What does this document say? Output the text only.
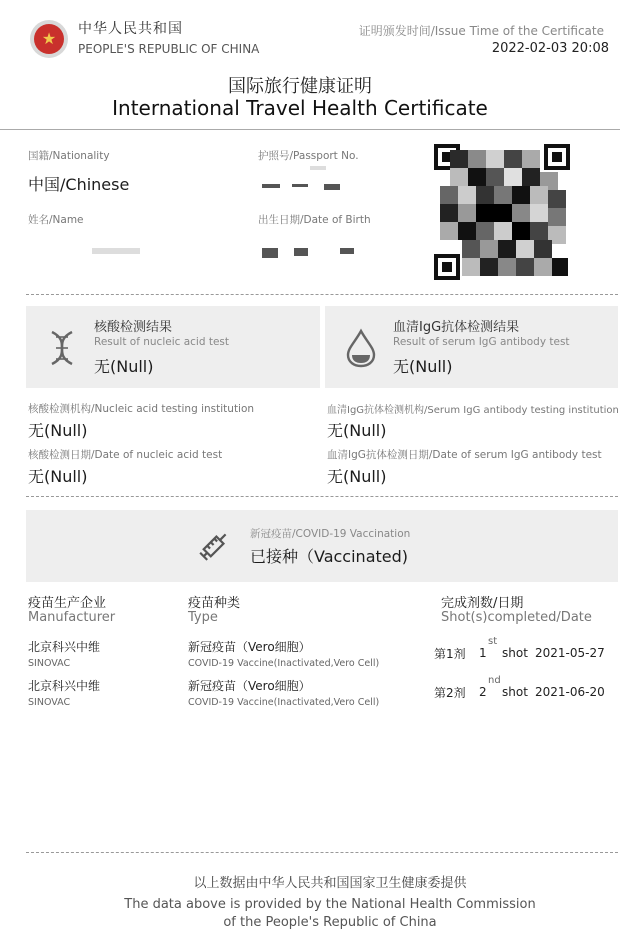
★ 中华人民共和国
PEOPLE'S REPUBLIC OF CHINA
证明颁发时间/Issue Time of the Certificate
2022-02-03 20:08
国际旅行健康证明
International Travel Health Certificate
国籍/Nationality
中国/Chinese
护照号/Passport No.
姓名/Name	出生日期/Date of Birth
核酸检测结果
Result of nucleic acid test
无(Null)
血清IgG抗体检测结果
Result of serum IgG antibody test
无(Null)
核酸检测机构/Nucleic acid testing institution
无(Null)
血清IgG抗体检测机构/Serum IgG antibody testing institution
无(Null)
核酸检测日期/Date of nucleic acid test
无(Null)
血清IgG抗体检测日期/Date of serum IgG antibody test
无(Null)
新冠疫苗/COVID-19 Vaccination
已接种（Vaccinated)
疫苗生产企业
Manufacturer
疫苗种类
Type
完成剂数/日期
Shot(s)completed/Date
北京科兴中维
SINOVAC
新冠疫苗（Vero细胞）
COVID-19 Vaccine(Inactivated,Vero Cell)
第1剂 1
st
shot 2021-05-27
北京科兴中维
SINOVAC
新冠疫苗（Vero细胞）
COVID-19 Vaccine(Inactivated,Vero Cell)
第2剂 2
nd
shot 2021-06-20
以上数据由中华人民共和国国家卫生健康委提供
The data above is provided by the National Health Commission
of the People's Republic of China
